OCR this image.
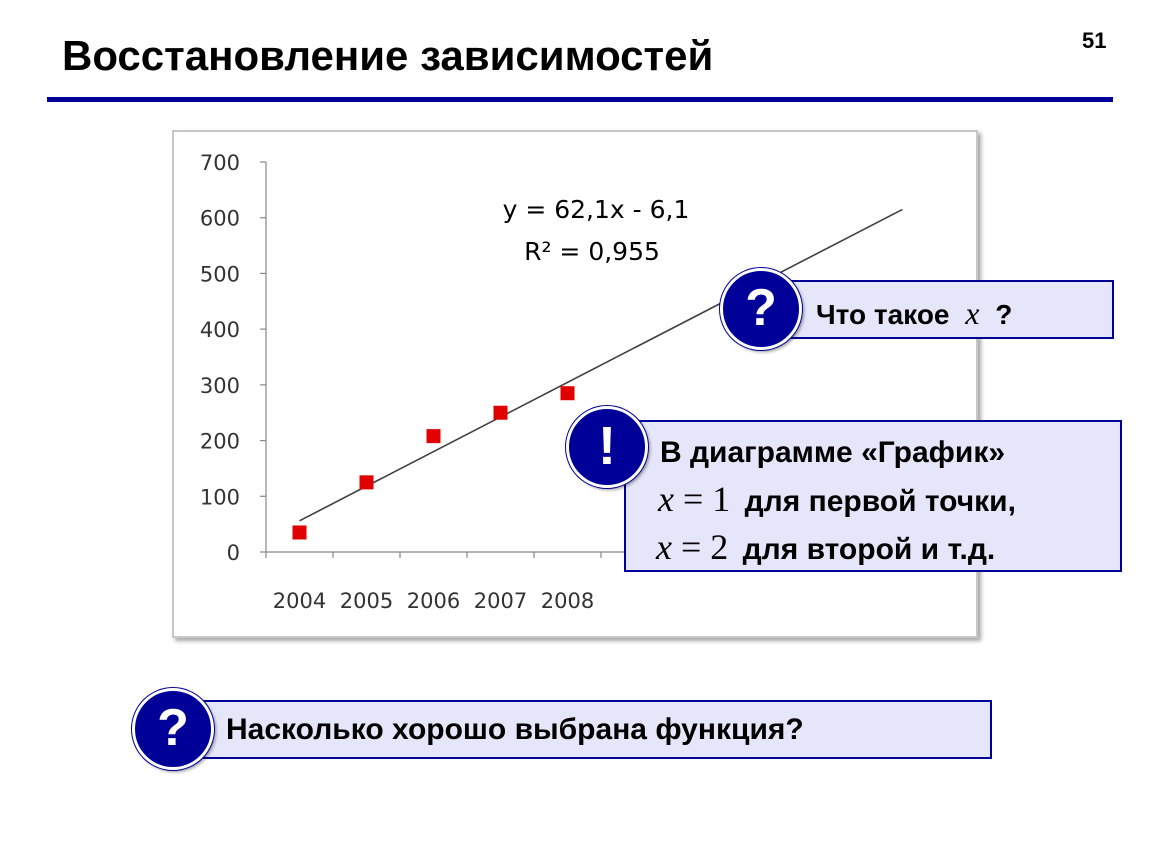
Восстановление зависимостей	51
0
100
200
300
400
500
600
700
2004 2005 2006 2007 2008
y = 62,1x - 6,1
R² = 0,955
Что такое x ?
?
В диаграмме «График»
x = 1 для первой точки,
x = 2 для второй и т.д.
!
Насколько хорошо выбрана функция?
?
